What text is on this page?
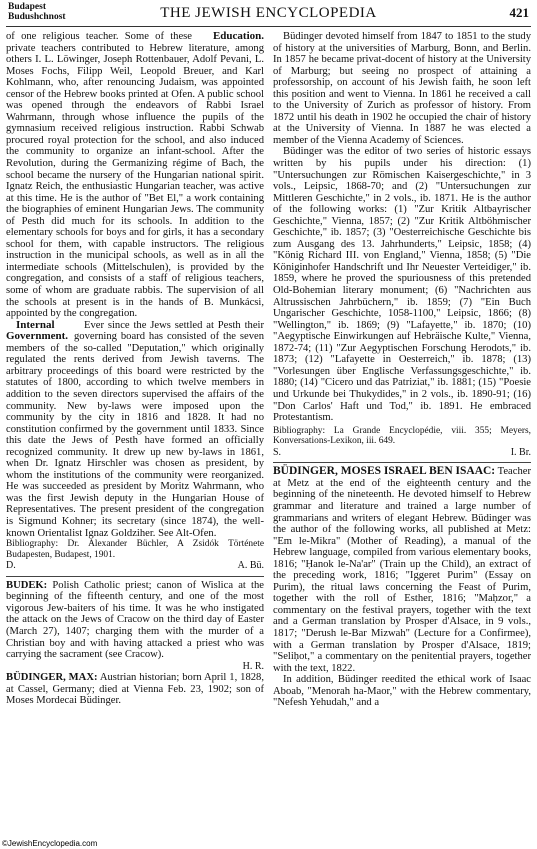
Budapest
Budushchnost	THE JEWISH ENCYCLOPEDIA	421

Education.
of one religious teacher. Some of these private teachers contributed to Hebrew literature, among others I. L. Löwinger, Joseph Rottenbauer, Adolf Pevani, L. Moses Fochs, Filipp Weil, Leopold Breuer, and Karl Kohlmann, who, after renouncing Judaism, was appointed censor of the Hebrew books printed at Ofen. A public school was opened through the endeavors of Rabbi Israel Wahrmann, through whose influence the pupils of the gymnasium received religious instruction. Rabbi Schwab procured royal protection for the school, and also induced the community to organize an infant-school. After the Revolution, during the Germanizing régime of Bach, the school became the nursery of the Hungarian national spirit. Ignatz Reich, the enthusiastic Hungarian teacher, was active at this time. He is the author of "Bet El," a work containing the biographies of eminent Hungarian Jews. The community of Pesth did much for its schools. In addition to the elementary schools for boys and for girls, it has a secondary school for them, with capable instructors. The religious instruction in the municipal schools, as well as in all the intermediate schools (Mittelschulen), is provided by the congregation, and consists of a staff of religious teachers, some of whom are graduate rabbis. The supervision of all the schools at present is in the hands of B. Munkácsi, appointed by the congregation.

Internal Government.
Ever since the Jews settled at Pesth their governing board has consisted of the seven members of the so-called "Deputation," which originally regulated the rents derived from Jewish taverns. The arbitrary proceedings of this board were restricted by the statutes of 1800, according to which twelve members in addition to the seven directors supervised the affairs of the community. New by-laws were imposed upon the community by the city in 1816 and 1828. It had no constitution confirmed by the government until 1833. Since this date the Jews of Pesth have formed an officially recognized community. It drew up new by-laws in 1861, when Dr. Ignatz Hirschler was chosen as president, by whom the institutions of the community were reorganized. He was succeeded as president by Moritz Wahrmann, who was the first Jewish deputy in the Hungarian House of Representatives. The present president of the congregation is Sigmund Kohner; its secretary (since 1874), the well-known Orientalist Ignaz Goldziher. See Alt-Ofen.

Bibliography: Dr. Alexander Büchler, A Zsidók Története Budapesten, Budapest, 1901.

D.	A. Bü.

BUDEK: Polish Catholic priest; canon of Wislica at the beginning of the fifteenth century, and one of the most vigorous Jew-baiters of his time. It was he who instigated the attack on the Jews of Cracow on the third day of Easter (March 27), 1407; charging them with the murder of a Christian boy and with having attacked a priest who was carrying the sacrament (see Cracow).

H. R.

BÜDINGER, MAX: Austrian historian; born April 1, 1828, at Cassel, Germany; died at Vienna Feb. 23, 1902; son of Moses Mordecai Büdinger.

Büdinger devoted himself from 1847 to 1851 to the study of history at the universities of Marburg, Bonn, and Berlin. In 1857 he became privat-docent of history at the University of Marburg; but seeing no prospect of attaining a professorship, on account of his Jewish faith, he soon left this position and went to Vienna. In 1861 he received a call to the University of Zurich as professor of history. From 1872 until his death in 1902 he occupied the chair of history at the University of Vienna. In 1887 he was elected a member of the Vienna Academy of Sciences.

Büdinger was the editor of two series of historic essays written by his pupils under his direction: (1) "Untersuchungen zur Römischen Kaisergeschichte," in 3 vols., Leipsic, 1868-70; and (2) "Untersuchungen zur Mittleren Geschichte," in 2 vols., ib. 1871. He is the author of the following works: (1) "Zur Kritik Altbayrischer Geschichte," Vienna, 1857; (2) "Zur Kritik Altböhmischer Geschichte," ib. 1857; (3) "Oesterreichische Geschichte bis zum Ausgang des 13. Jahrhunderts," Leipsic, 1858; (4) "König Richard III. von England," Vienna, 1858; (5) "Die Königinhofer Handschrift und Ihr Neuester Verteidiger," ib. 1859, where he proved the spuriousness of this pretended Old-Bohemian literary monument; (6) "Nachrichten aus Altrussischen Jahrbüchern," ib. 1859; (7) "Ein Buch Ungarischer Geschichte, 1058-1100," Leipsic, 1866; (8) "Wellington," ib. 1869; (9) "Lafayette," ib. 1870; (10) "Aegyptische Einwirkungen auf Hebräische Kulte," Vienna, 1872-74; (11) "Zur Aegyptischen Forschung Herodots," ib. 1873; (12) "Lafayette in Oesterreich," ib. 1878; (13) "Vorlesungen über Englische Verfassungsgeschichte," ib. 1880; (14) "Cicero und das Patriziat," ib. 1881; (15) "Poesie und Urkunde bei Thukydides," in 2 vols., ib. 1890-91; (16) "Don Carlos' Haft und Tod," ib. 1891. He embraced Protestantism.

Bibliography: La Grande Encyclopédie, viii. 355; Meyers, Konversations-Lexikon, iii. 649.

S.	I. Br.

BÜDINGER, MOSES ISRAEL BEN ISAAC: Teacher at Metz at the end of the eighteenth century and the beginning of the nineteenth. He devoted himself to Hebrew grammar and literature and trained a large number of grammarians and writers of elegant Hebrew. Büdinger was the author of the following works, all published at Metz: "Em le-Mikra" (Mother of Reading), a manual of the Hebrew language, compiled from various elementary books, 1816; "Ḥanok le-Na'ar" (Train up the Child), an extract of the preceding work, 1816; "Iggeret Purim" (Essay on Purim), the ritual laws concerning the Feast of Purim, together with the roll of Esther, 1816; "Maḥzor," a commentary on the festival prayers, together with the text and a German translation by Prosper d'Alsace, in 9 vols., 1817; "Derush le-Bar Mizwah" (Lecture for a Confirmee), with a German translation by Prosper d'Alsace, 1819; "Seliḥot," a commentary on the penitential prayers, together with the text, 1822.

In addition, Büdinger reedited the ethical work of Isaac Aboab, "Menorah ha-Maor," with the Hebrew commentary, "Nefesh Yehudah," and a

©JewishEncyclopedia.com
